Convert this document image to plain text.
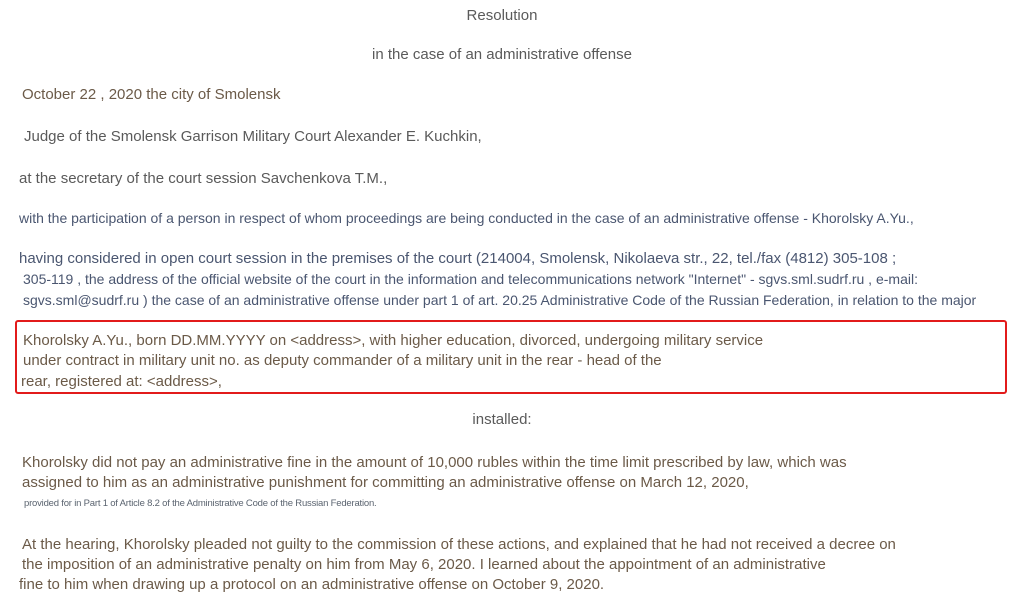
Resolution
in the case of an administrative offense
October 22 , 2020 the city of Smolensk
Judge of the Smolensk Garrison Military Court Alexander E. Kuchkin,
at the secretary of the court session Savchenkova T.M.,
with the participation of a person in respect of whom proceedings are being conducted in the case of an administrative offense - Khorolsky A.Yu.,
having considered in open court session in the premises of the court (214004, Smolensk, Nikolaeva str., 22, tel./fax (4812) 305-108 ;
305-119 , the address of the official website of the court in the information and telecommunications network "Internet" - sgvs.sml.sudrf.ru , e-mail:
sgvs.sml@sudrf.ru ) the case of an administrative offense under part 1 of art. 20.25 Administrative Code of the Russian Federation, in relation to the major
Khorolsky A.Yu., born DD.MM.YYYY on <address>, with higher education, divorced, undergoing military service
under contract in military unit no. as deputy commander of a military unit in the rear - head of the
rear, registered at: <address>,
installed:
Khorolsky did not pay an administrative fine in the amount of 10,000 rubles within the time limit prescribed by law, which was
assigned to him as an administrative punishment for committing an administrative offense on March 12, 2020,
provided for in Part 1 of Article 8.2 of the Administrative Code of the Russian Federation.
At the hearing, Khorolsky pleaded not guilty to the commission of these actions, and explained that he had not received a decree on
the imposition of an administrative penalty on him from May 6, 2020. I learned about the appointment of an administrative
fine to him when drawing up a protocol on an administrative offense on October 9, 2020.
